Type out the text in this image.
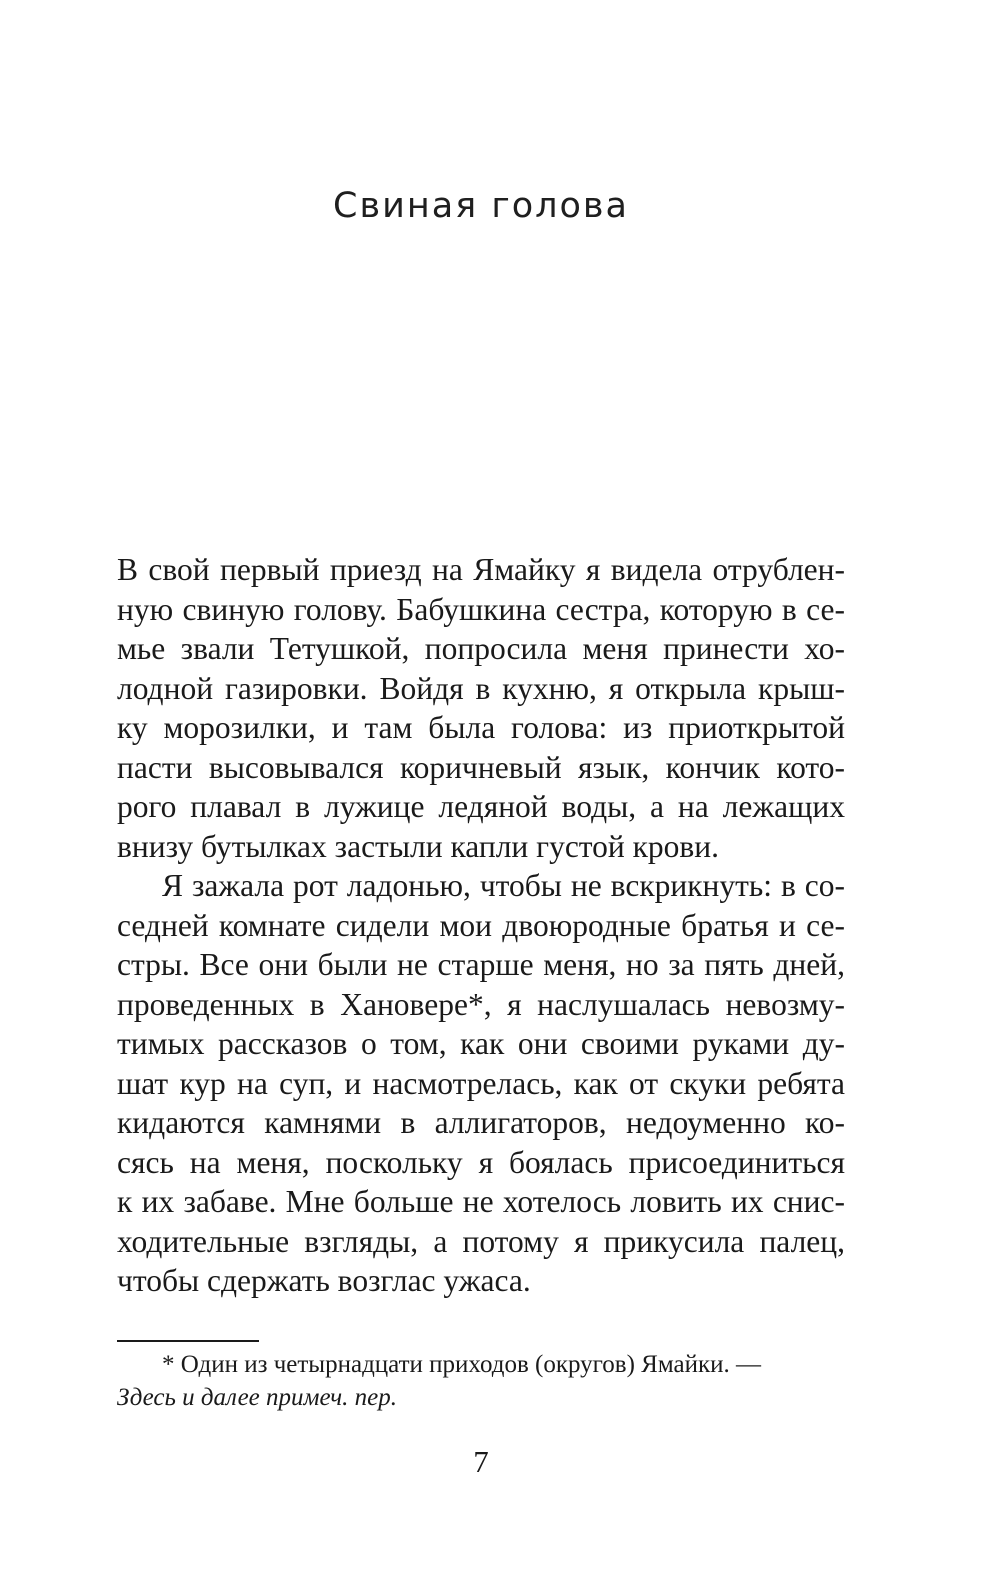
Свиная голова
В свой первый приезд на Ямайку я видела отрублен-
ную свиную голову. Бабушкина сестра, которую в се-
мье звали Тетушкой, попросила меня принести хо-
лодной газировки. Войдя в кухню, я открыла крыш-
ку морозилки, и там была голова: из приоткрытой
пасти высовывался коричневый язык, кончик кото-
рого плавал в лужице ледяной воды, а на лежащих
внизу бутылках застыли капли густой крови.
Я зажала рот ладонью, чтобы не вскрикнуть: в со-
седней комнате сидели мои двоюродные братья и се-
стры. Все они были не старше меня, но за пять дней,
проведенных в Хановере*, я наслушалась невозму-
тимых рассказов о том, как они своими руками ду-
шат кур на суп, и насмотрелась, как от скуки ребята
кидаются камнями в аллигаторов, недоуменно ко-
сясь на меня, поскольку я боялась присоединиться
к их забаве. Мне больше не хотелось ловить их снис-
ходительные взгляды, а потому я прикусила палец,
чтобы сдержать возглас ужаса.
* Один из четырнадцати приходов (округов) Ямайки. —
Здесь и далее примеч. пер.
7
